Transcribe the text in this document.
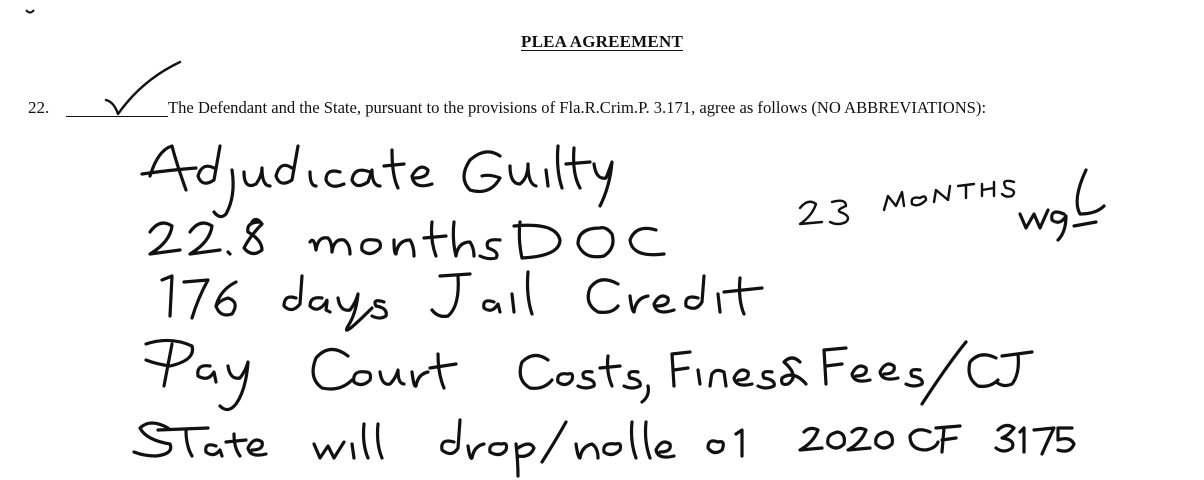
PLEA AGREEMENT
22.	The Defendant and the State, pursuant to the provisions of Fla.R.Crim.P. 3.171, agree as follows (NO ABBREVIATIONS):
